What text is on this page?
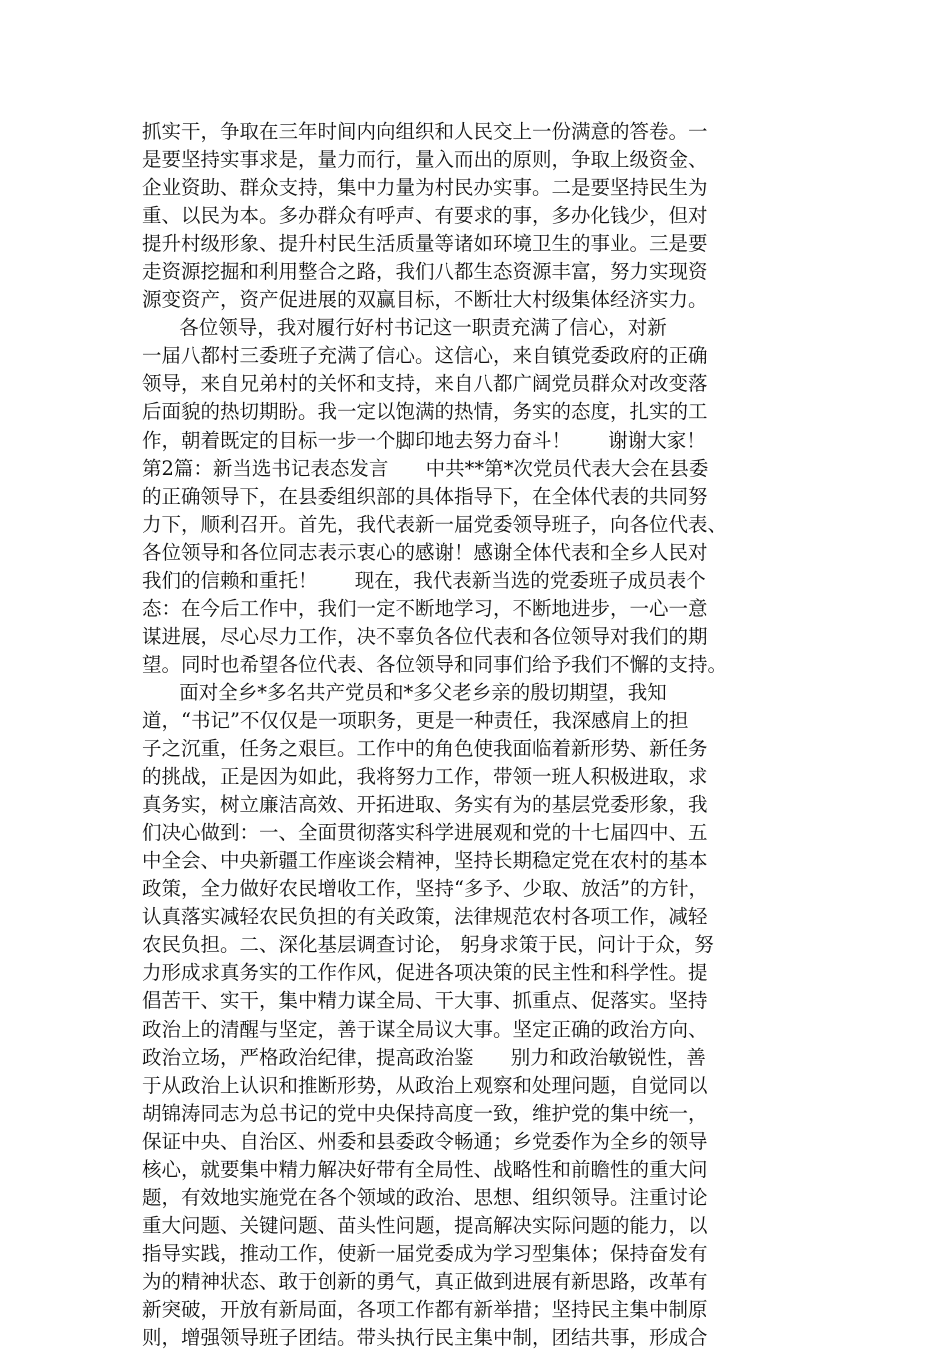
抓实干，争取在三年时间内向组织和人民交上一份满意的答卷。一
是要坚持实事求是，量力而行，量入而出的原则，争取上级资金、
企业资助、群众支持，集中力量为村民办实事。二是要坚持民生为
重、以民为本。多办群众有呼声、有要求的事，多办化钱少，但对
提升村级形象、提升村民生活质量等诸如环境卫生的事业。三是要
走资源挖掘和利用整合之路，我们八都生态资源丰富，努力实现资
源变资产，资产促进展的双赢目标，不断壮大村级集体经济实力。
各位领导，我对履行好村书记这一职责充满了信心，对新
一届八都村三委班子充满了信心。这信心，来自镇党委政府的正确
领导，来自兄弟村的关怀和支持，来自八都广阔党员群众对改变落
后面貌的热切期盼。我一定以饱满的热情，务实的态度，扎实的工
作，朝着既定的目标一步一个脚印地去努力奋斗！      谢谢大家！
第2篇：新当选书记表态发言      中共**第*次党员代表大会在县委
的正确领导下，在县委组织部的具体指导下，在全体代表的共同努
力下，顺利召开。首先，我代表新一届党委领导班子，向各位代表、
各位领导和各位同志表示衷心的感谢！感谢全体代表和全乡人民对
我们的信赖和重托！      现在，我代表新当选的党委班子成员表个
态：在今后工作中，我们一定不断地学习，不断地进步，一心一意
谋进展，尽心尽力工作，决不辜负各位代表和各位领导对我们的期
望。同时也希望各位代表、各位领导和同事们给予我们不懈的支持。
面对全乡*多名共产党员和*多父老乡亲的殷切期望，我知
道，“书记”不仅仅是一项职务，更是一种责任，我深感肩上的担
子之沉重，任务之艰巨。工作中的角色使我面临着新形势、新任务
的挑战，正是因为如此，我将努力工作，带领一班人积极进取，求
真务实，树立廉洁高效、开拓进取、务实有为的基层党委形象，我
们决心做到：一、全面贯彻落实科学进展观和党的十七届四中、五
中全会、中央新疆工作座谈会精神，坚持长期稳定党在农村的基本
政策，全力做好农民增收工作，坚持“多予、少取、放活”的方针，
认真落实减轻农民负担的有关政策，法律规范农村各项工作，减轻
农民负担。二、深化基层调查讨论， 躬身求策于民，问计于众，努
力形成求真务实的工作作风，促进各项决策的民主性和科学性。提
倡苦干、实干，集中精力谋全局、干大事、抓重点、促落实。坚持
政治上的清醒与坚定，善于谋全局议大事。坚定正确的政治方向、
政治立场，严格政治纪律，提高政治鉴      别力和政治敏锐性，善
于从政治上认识和推断形势，从政治上观察和处理问题，自觉同以
胡锦涛同志为总书记的党中央保持高度一致，维护党的集中统一，
保证中央、自治区、州委和县委政令畅通；乡党委作为全乡的领导
核心，就要集中精力解决好带有全局性、战略性和前瞻性的重大问
题，有效地实施党在各个领域的政治、思想、组织领导。注重讨论
重大问题、关键问题、苗头性问题，提高解决实际问题的能力，以
指导实践，推动工作，使新一届党委成为学习型集体；保持奋发有
为的精神状态、敢于创新的勇气，真正做到进展有新思路，改革有
新突破，开放有新局面，各项工作都有新举措；坚持民主集中制原
则，增强领导班子团结。带头执行民主集中制，团结共事，形成合
